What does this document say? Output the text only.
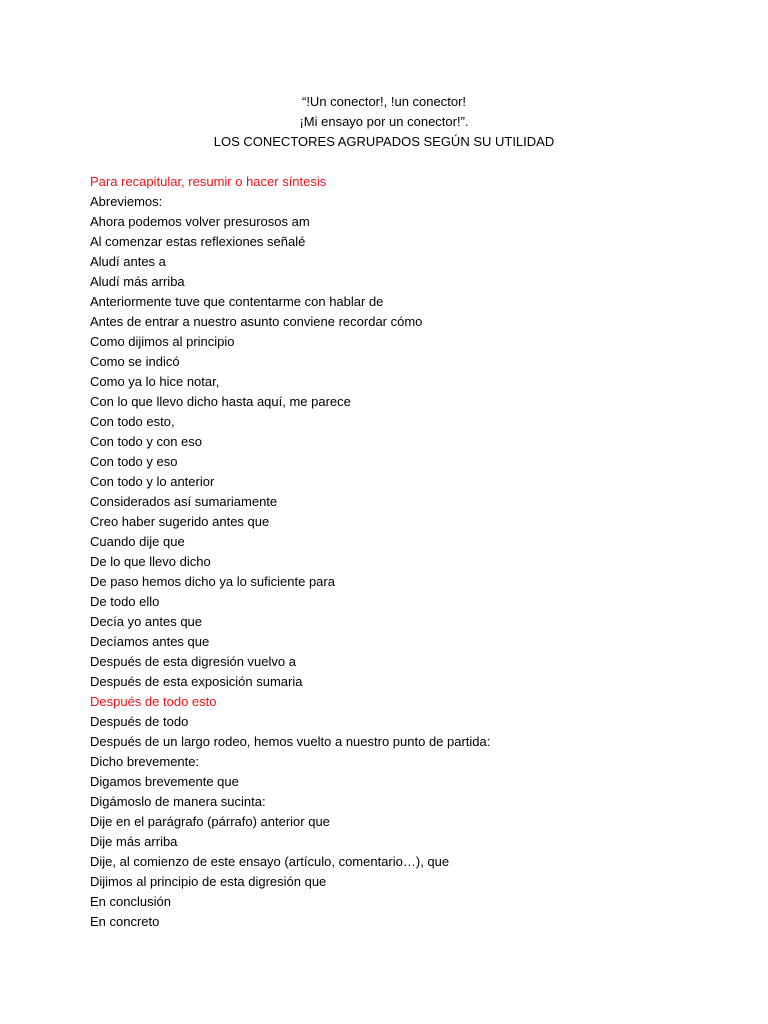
“!Un conector!, !un conector!
¡Mi ensayo por un conector!”.
LOS CONECTORES AGRUPADOS SEGÚN SU UTILIDAD
Para recapitular, resumir o hacer síntesis
Abreviemos:
Ahora podemos volver presurosos am
Al comenzar estas reflexiones señalé
Aludí antes a
Aludí más arriba
Anteriormente tuve que contentarme con hablar de
Antes de entrar a nuestro asunto conviene recordar cómo
Como dijimos al principio
Como se indicó
Como ya lo hice notar,
Con lo que llevo dicho hasta aquí, me parece
Con todo esto,
Con todo y con eso
Con todo y eso
Con todo y lo anterior
Considerados así sumariamente
Creo haber sugerido antes que
Cuando dije que
De lo que llevo dicho
De paso hemos dicho ya lo suficiente para
De todo ello
Decía yo antes que
Decíamos antes que
Después de esta digresión vuelvo a
Después de esta exposición sumaria
Después de todo esto
Después de todo
Después de un largo rodeo, hemos vuelto a nuestro punto de partida:
Dicho brevemente:
Digamos brevemente que
Digámoslo de manera sucinta:
Dije en el parágrafo (párrafo) anterior que
Dije más arriba
Dije, al comienzo de este ensayo (artículo, comentario…), que
Dijimos al principio de esta digresión que
En conclusión
En concreto
